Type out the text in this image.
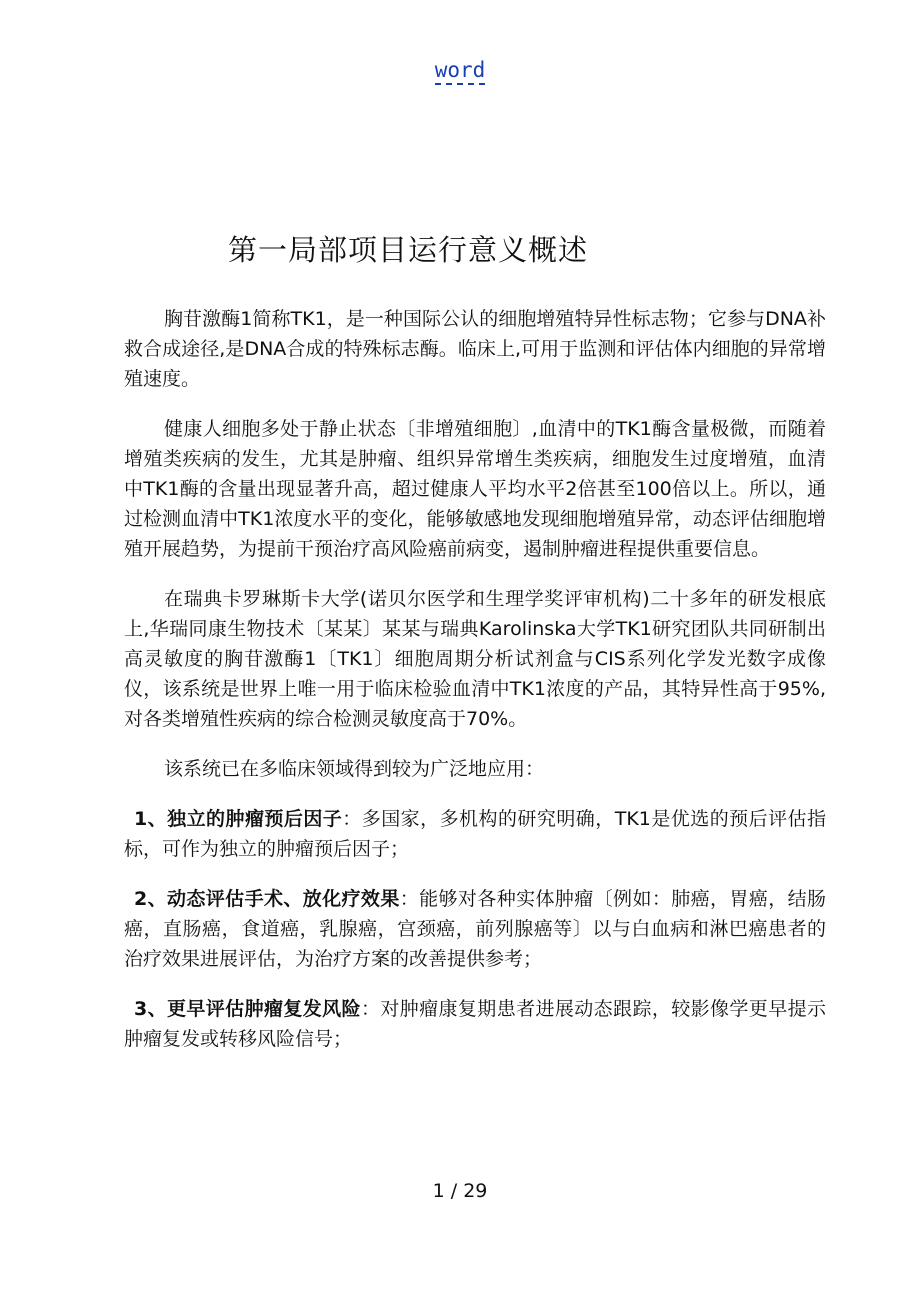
word
第一局部项目运行意义概述

胸苷激酶1简称TK1，是一种国际公认的细胞增殖特异性标志物；它参与DNA补救合成途径,是DNA合成的特殊标志酶。临床上,可用于监测和评估体内细胞的异常增殖速度。

健康人细胞多处于静止状态〔非增殖细胞〕,血清中的TK1酶含量极微，而随着增殖类疾病的发生，尤其是肿瘤、组织异常增生类疾病，细胞发生过度增殖，血清中TK1酶的含量出现显著升高，超过健康人平均水平2倍甚至100倍以上。所以，通过检测血清中TK1浓度水平的变化，能够敏感地发现细胞增殖异常，动态评估细胞增殖开展趋势，为提前干预治疗高风险癌前病变，遏制肿瘤进程提供重要信息。

在瑞典卡罗琳斯卡大学(诺贝尔医学和生理学奖评审机构)二十多年的研发根底上,华瑞同康生物技术〔某某〕某某与瑞典Karolinska大学TK1研究团队共同研制出高灵敏度的胸苷激酶1〔TK1〕细胞周期分析试剂盒与CIS系列化学发光数字成像仪，该系统是世界上唯一用于临床检验血清中TK1浓度的产品，其特异性高于95%,对各类增殖性疾病的综合检测灵敏度高于70%。

该系统已在多临床领域得到较为广泛地应用：

1、独立的肿瘤预后因子：多国家，多机构的研究明确，TK1是优选的预后评估指标，可作为独立的肿瘤预后因子；

2、动态评估手术、放化疗效果：能够对各种实体肿瘤〔例如：肺癌，胃癌，结肠癌，直肠癌，食道癌，乳腺癌，宫颈癌，前列腺癌等〕以与白血病和淋巴癌患者的治疗效果进展评估，为治疗方案的改善提供参考；

3、更早评估肿瘤复发风险：对肿瘤康复期患者进展动态跟踪，较影像学更早提示肿瘤复发或转移风险信号；

1 / 29
